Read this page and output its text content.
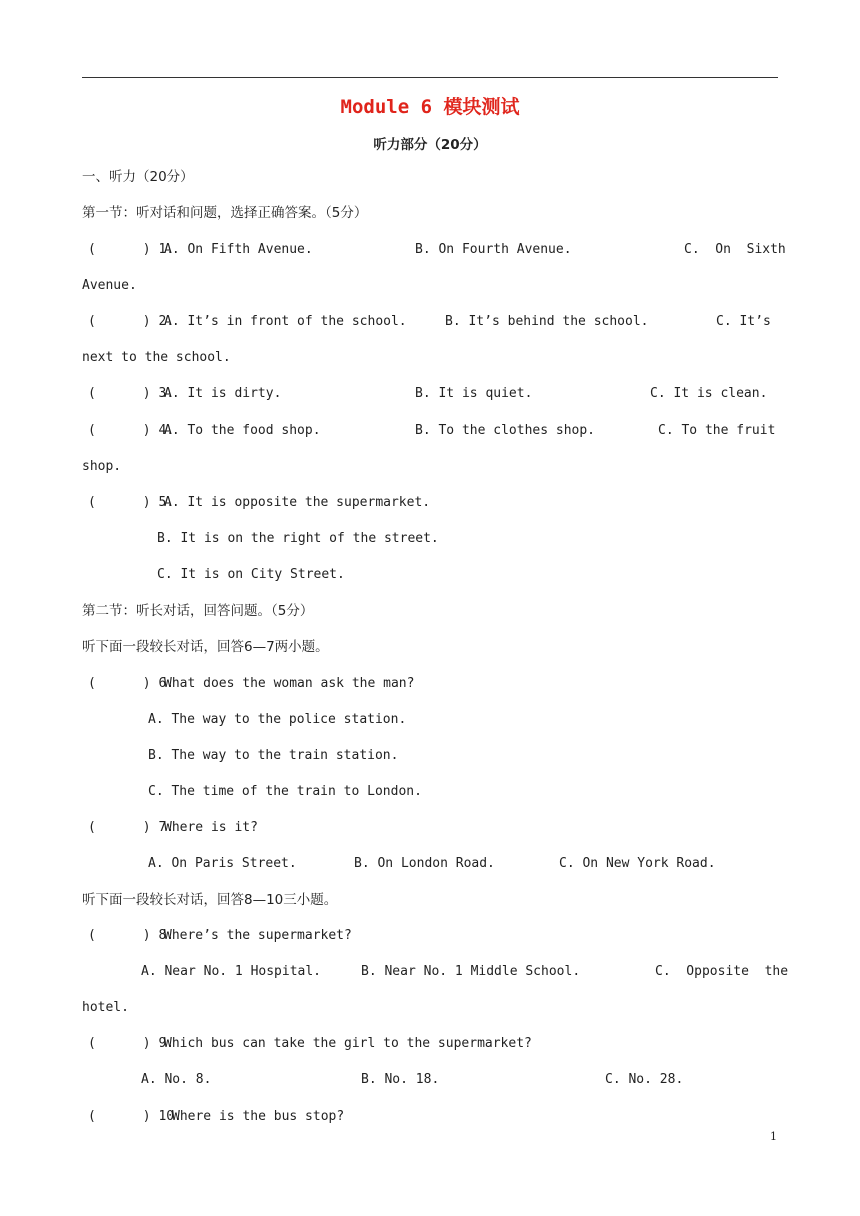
Module 6 模块测试
听力部分（20分）
一、听力（20分）
第一节：听对话和问题，选择正确答案。（5分）
(      ) 1.
A. On Fifth Avenue.	B. On Fourth Avenue.	C.  On  Sixth
Avenue.
(      ) 2.
A. It’s in front of the school.	B. It’s behind the school.	C. It’s
next to the school.
(      ) 3.
A. It is dirty.	B. It is quiet.	C. It is clean.
(      ) 4.
A. To the food shop.	B. To the clothes shop.	C. To the fruit
shop.
(      ) 5.
A. It is opposite the supermarket.
B. It is on the right of the street.
C. It is on City Street.
第二节：听长对话，回答问题。（5分）
听下面一段较长对话，回答6—7两小题。
(      ) 6.
What does the woman ask the man?
A. The way to the police station.
B. The way to the train station.
C. The time of the train to London.
(      ) 7.
Where is it?
A. On Paris Street.	B. On London Road.	C. On New York Road.
听下面一段较长对话，回答8—10三小题。
(      ) 8.
Where’s the supermarket?
A. Near No. 1 Hospital.	B. Near No. 1 Middle School.	C.  Opposite  the
hotel.
(      ) 9.
Which bus can take the girl to the supermarket?
A. No. 8.	B. No. 18.	C. No. 28.
(      ) 10.
Where is the bus stop?
1
